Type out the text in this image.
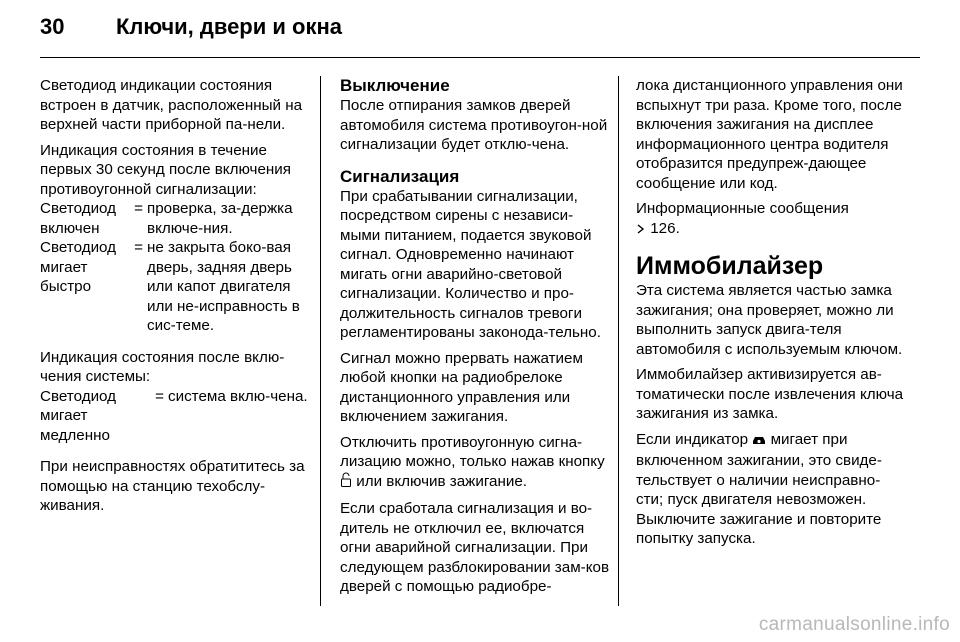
30	Ключи, двери и окна

Светодиод индикации состояния встроен в датчик, расположенный на верхней части приборной па-нели.

Индикация состояния в течение первых 30 секунд после включения противоугонной сигнализации:

Светодиод включен
= проверка, за-держка включе-ния.
Светодиод мигает быстро
= не закрыта боко-вая дверь, задняя дверь или капот двигателя или не-исправность в сис-теме.

Индикация состояния после вклю-чения системы:

Светодиод мигает медленно
= система вклю-чена.

При неисправностях обратититесь за помощью на станцию техобслу-живания.

Выключение

После отпирания замков дверей автомобиля система противоугон-ной сигнализации будет отклю-чена.

Сигнализация

При срабатывании сигнализации, посредством сирены с независи-мыми питанием, подается звуковой сигнал. Одновременно начинают мигать огни аварийно-световой сигнализации. Количество и про-должительность сигналов тревоги регламентированы законода-тельно.

Сигнал можно прервать нажатием любой кнопки на радиобрелоке дистанционного управления или включением зажигания.

Отключить противоугонную сигна-лизацию можно, только нажав кнопку  или включив зажигание.

Если сработала сигнализация и во-дитель не отключил ее, включатся огни аварийной сигнализации. При следующем разблокировании зам-ков дверей с помощью радиобре-

лока дистанционного управления они вспыхнут три раза. Кроме того, после включения зажигания на дисплее информационного центра водителя отобразится предупреж-дающее сообщение или код.

Информационные сообщения

126.

Иммобилайзер

Эта система является частью замка зажигания; она проверяет, можно ли выполнить запуск двига-теля автомобиля с используемым ключом.

Иммобилайзер активизируется ав-томатически после извлечения ключа зажигания из замка.

Если индикатор мигает при включенном зажигании, это свиде-тельствует о наличии неисправно-сти; пуск двигателя невозможен. Выключите зажигание и повторите попытку запуска.

carmanualsonline.info
